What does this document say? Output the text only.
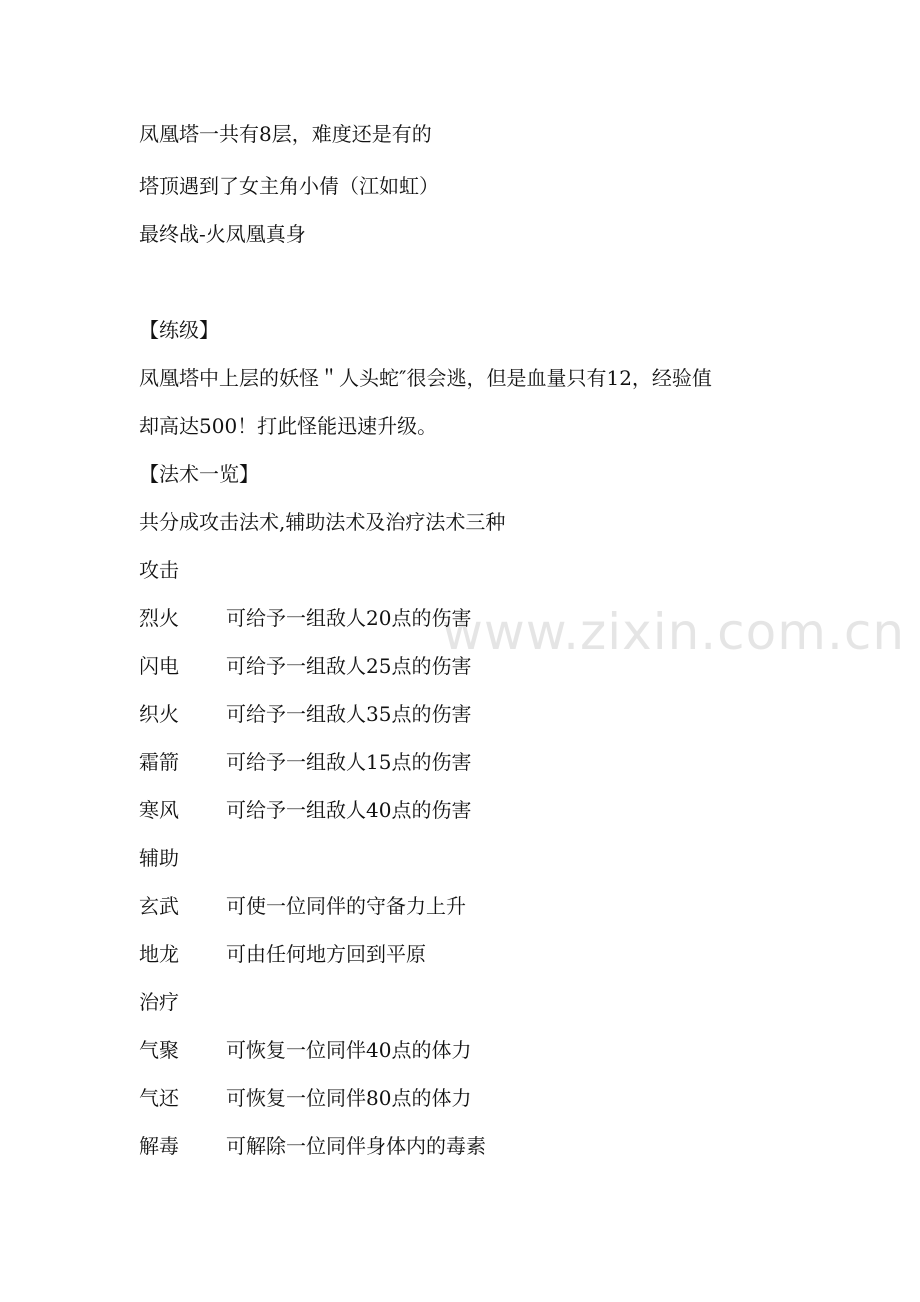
凤凰塔一共有8层，难度还是有的
塔顶遇到了女主角小倩（江如虹）
最终战-火凤凰真身
【练级】
凤凰塔中上层的妖怪＂人头蛇″很会逃，但是血量只有12，经验值
却高达500！打此怪能迅速升级。
【法术一览】
共分成攻击法术,辅助法术及治疗法术三种
攻击
烈火 可给予一组敌人20点的伤害
闪电 可给予一组敌人25点的伤害
织火 可给予一组敌人35点的伤害
霜箭 可给予一组敌人15点的伤害
寒风 可给予一组敌人40点的伤害
辅助
玄武 可使一位同伴的守备力上升
地龙 可由任何地方回到平原
治疗
气聚 可恢复一位同伴40点的体力
气还 可恢复一位同伴80点的体力
解毒 可解除一位同伴身体内的毒素
www.zixin.com.cn
